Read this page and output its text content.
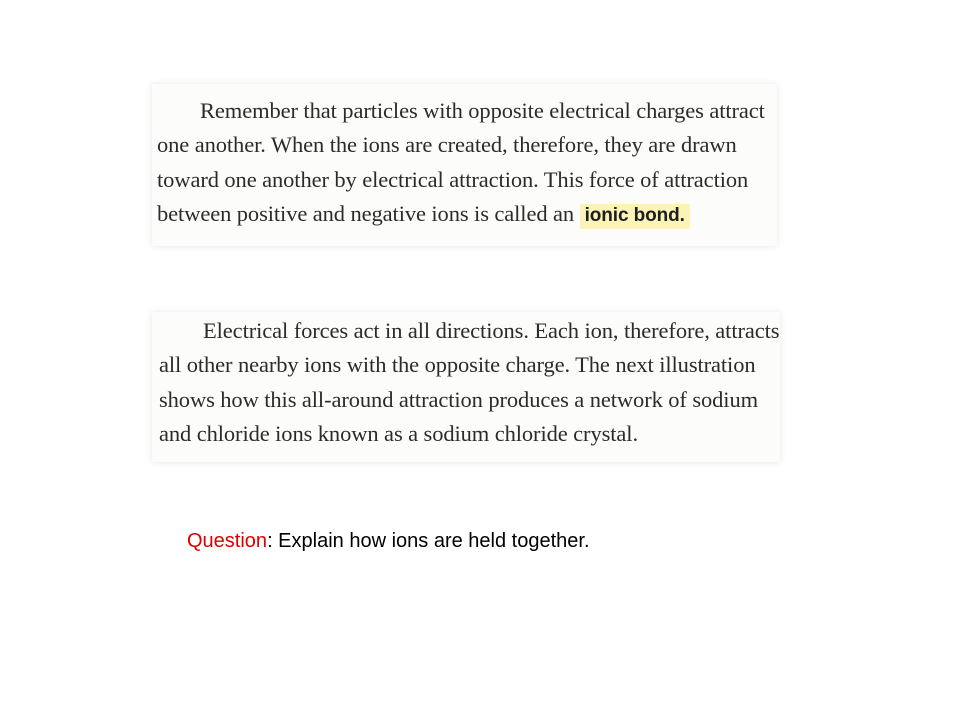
Remember that particles with opposite electrical charges attract
one another. When the ions are created, therefore, they are drawn
toward one another by electrical attraction. This force of attraction
between positive and negative ions is called an ionic bond.
Electrical forces act in all directions. Each ion, therefore, attracts
all other nearby ions with the opposite charge. The next illustration
shows how this all-around attraction produces a network of sodium
and chloride ions known as a sodium chloride crystal.
Question: Explain how ions are held together.
